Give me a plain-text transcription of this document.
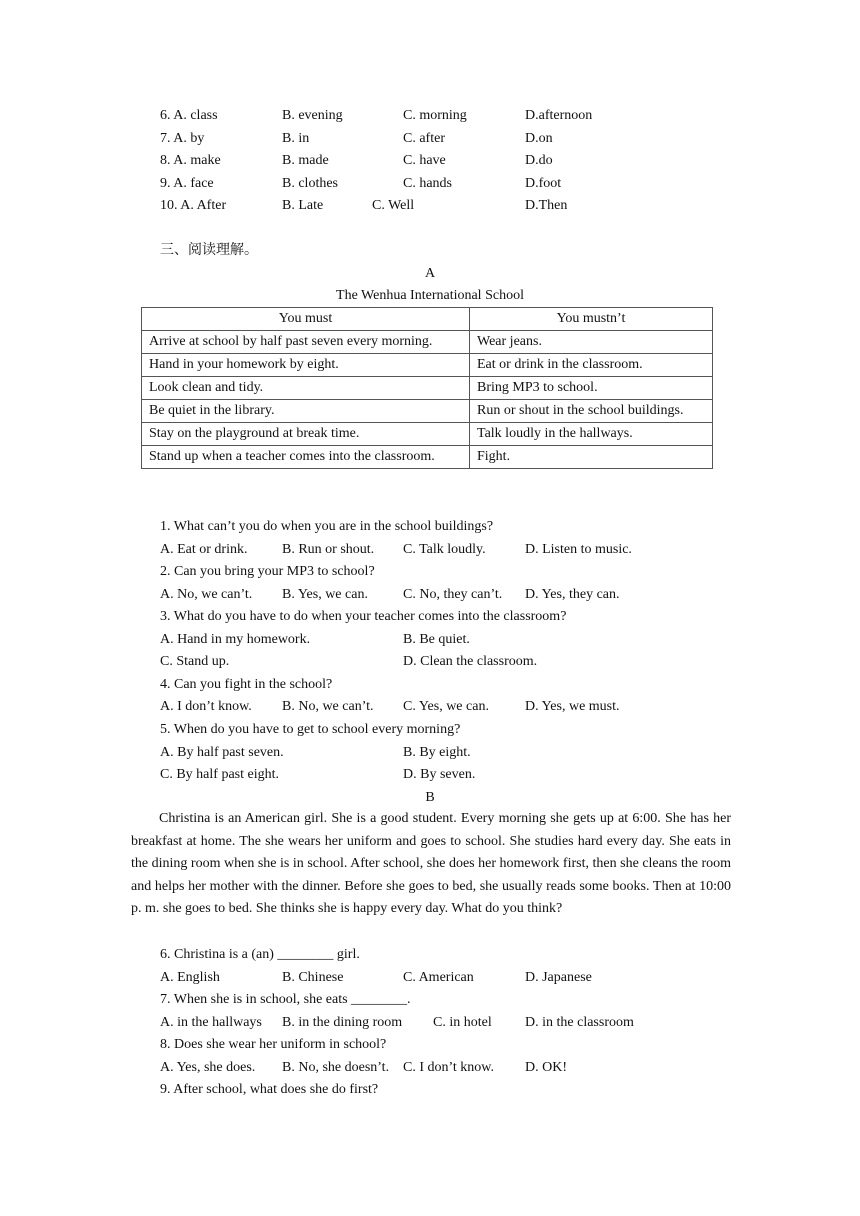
6. A. class	B. evening	C. morning	D.afternoon
7. A. by	B. in	C. after	D.on
8. A. make	B. made	C. have	D.do
9. A. face	B. clothes	C. hands	D.foot
10. A. After	B. Late	C. Well	D.Then
三、阅读理解。
A
The Wenhua International School
You must	You mustn’t
Arrive at school by half past seven every morning.	Wear jeans.
Hand in your homework by eight.	Eat or drink in the classroom.
Look clean and tidy.	Bring MP3 to school.
Be quiet in the library.	Run or shout in the school buildings.
Stay on the playground at break time.	Talk loudly in the hallways.
Stand up when a teacher comes into the classroom.	Fight.
1. What can’t you do when you are in the school buildings?
A. Eat or drink. B. Run or shout. C. Talk loudly.	D. Listen to music.
2. Can you bring your MP3 to school?
A. No, we can’t. B. Yes, we can.	C. No, they can’t. D. Yes, they can.
3. What do you have to do when your teacher comes into the classroom?
A. Hand in my homework.	B. Be quiet.
C. Stand up.	D. Clean the classroom.
4. Can you fight in the school?
A. I don’t know. B. No, we can’t. C. Yes, we can.	D. Yes, we must.
5. When do you have to get to school every morning?
A. By half past seven.	B. By eight.
C. By half past eight.	D. By seven.
B
Christina is an American girl. She is a good student. Every morning she gets up at 6:00. She has her breakfast at home. The she wears her uniform and goes to school. She studies hard every day. She eats in the dining room when she is in school. After school, she does her homework first, then she cleans the room and helps her mother with the dinner. Before she goes to bed, she usually reads some books. Then at 10:00 p. m. she goes to bed. She thinks she is happy every day. What do you think?
6. Christina is a (an) ________ girl.
A. English	B. Chinese	C. American	D. Japanese
7. When she is in school, she eats ________.
A. in the hallways B. in the dining room C. in hotel D. in the classroom
8. Does she wear her uniform in school?
A. Yes, she does. B. No, she doesn’t. C. I don’t know. D. OK!
9. After school, what does she do first?
